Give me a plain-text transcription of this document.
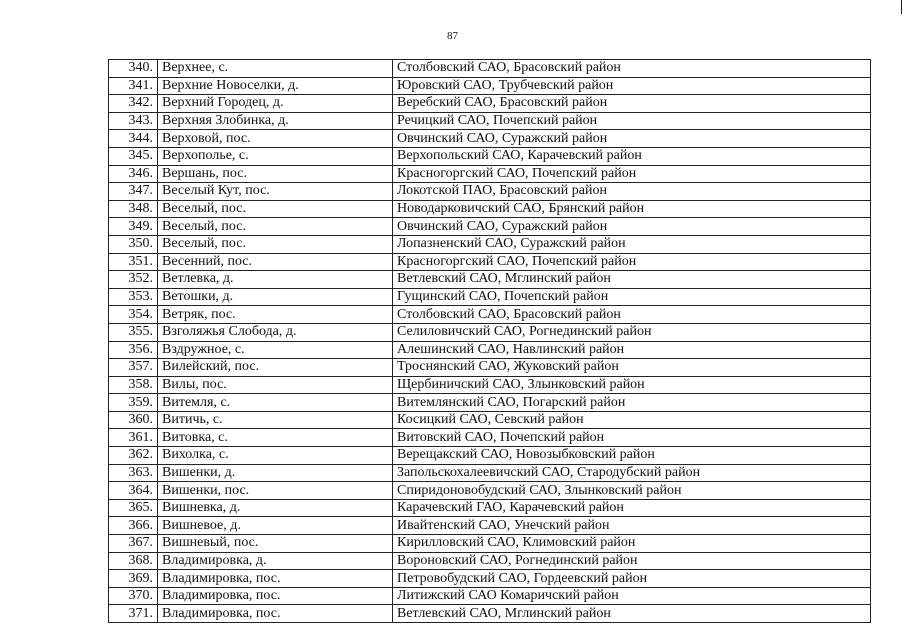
87
340.	Верхнее, с.	Столбовский САО, Брасовский район
341.	Верхние Новоселки, д.	Юровский САО, Трубчевский район
342.	Верхний Городец, д.	Веребский САО, Брасовский район
343.	Верхняя Злобинка, д.	Речицкий САО, Почепский район
344.	Верховой, пос.	Овчинский САО, Суражский район
345.	Верхополье, с.	Верхопольский САО, Карачевский район
346.	Вершань, пос.	Красногоргский САО, Почепский район
347.	Веселый Кут, пос.	Локотской ПАО, Брасовский район
348.	Веселый, пос.	Новодарковичский САО, Брянский район
349.	Веселый, пос.	Овчинский САО, Суражский район
350.	Веселый, пос.	Лопазненский САО, Суражский район
351.	Весенний, пос.	Красногоргский САО, Почепский район
352.	Ветлевка, д.	Ветлевский САО, Мглинский район
353.	Ветошки, д.	Гущинский САО, Почепский район
354.	Ветряк, пос.	Столбовский САО, Брасовский район
355.	Взголяжья Слобода, д.	Селиловичский САО, Рогнединский район
356.	Вздружное, с.	Алешинский САО, Навлинский район
357.	Вилейский, пос.	Троснянский САО, Жуковский район
358.	Вилы, пос.	Щербиничский САО, Злынковский район
359.	Витемля, с.	Витемлянский САО, Погарский район
360.	Витичь, с.	Косицкий САО, Севский район
361.	Витовка, с.	Витовский САО, Почепский район
362.	Вихолка, с.	Верещакский САО, Новозыбковский район
363.	Вишенки, д.	Запольскохалеевичский САО, Стародубский район
364.	Вишенки, пос.	Спиридоновобудский САО, Злынковский район
365.	Вишневка, д.	Карачевский ГАО, Карачевский район
366.	Вишневое, д.	Ивайтенский САО, Унечский район
367.	Вишневый, пос.	Кирилловский САО, Климовский район
368.	Владимировка, д.	Вороновский САО, Рогнединский район
369.	Владимировка, пос.	Петровобудский САО, Гордеевский район
370.	Владимировка, пос.	Литижский САО Комаричский район
371.	Владимировка, пос.	Ветлевский САО, Мглинский район
